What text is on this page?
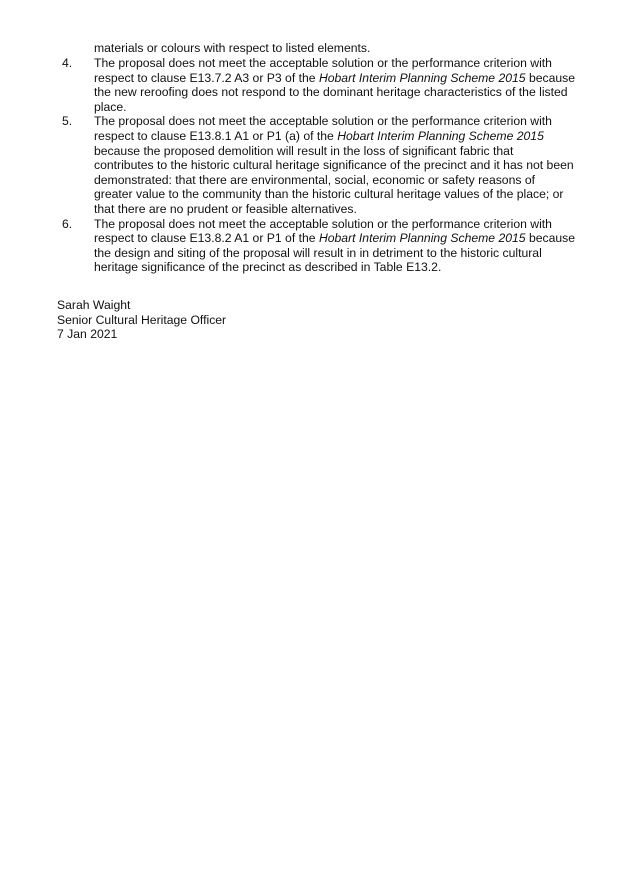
materials or colours with respect to listed elements.

4. The proposal does not meet the acceptable solution or the performance criterion with respect to clause E13.7.2 A3 or P3 of the Hobart Interim Planning Scheme 2015 because the new reroofing does not respond to the dominant heritage characteristics of the listed place.

5. The proposal does not meet the acceptable solution or the performance criterion with respect to clause E13.8.1 A1 or P1 (a) of the Hobart Interim Planning Scheme 2015 because the proposed demolition will result in the loss of significant fabric that contributes to the historic cultural heritage significance of the precinct and it has not been demonstrated: that there are environmental, social, economic or safety reasons of greater value to the community than the historic cultural heritage values of the place; or that there are no prudent or feasible alternatives.

6. The proposal does not meet the acceptable solution or the performance criterion with respect to clause E13.8.2 A1 or P1 of the Hobart Interim Planning Scheme 2015 because the design and siting of the proposal will result in in detriment to the historic cultural heritage significance of the precinct as described in Table E13.2.

Sarah Waight
Senior Cultural Heritage Officer
7 Jan 2021
